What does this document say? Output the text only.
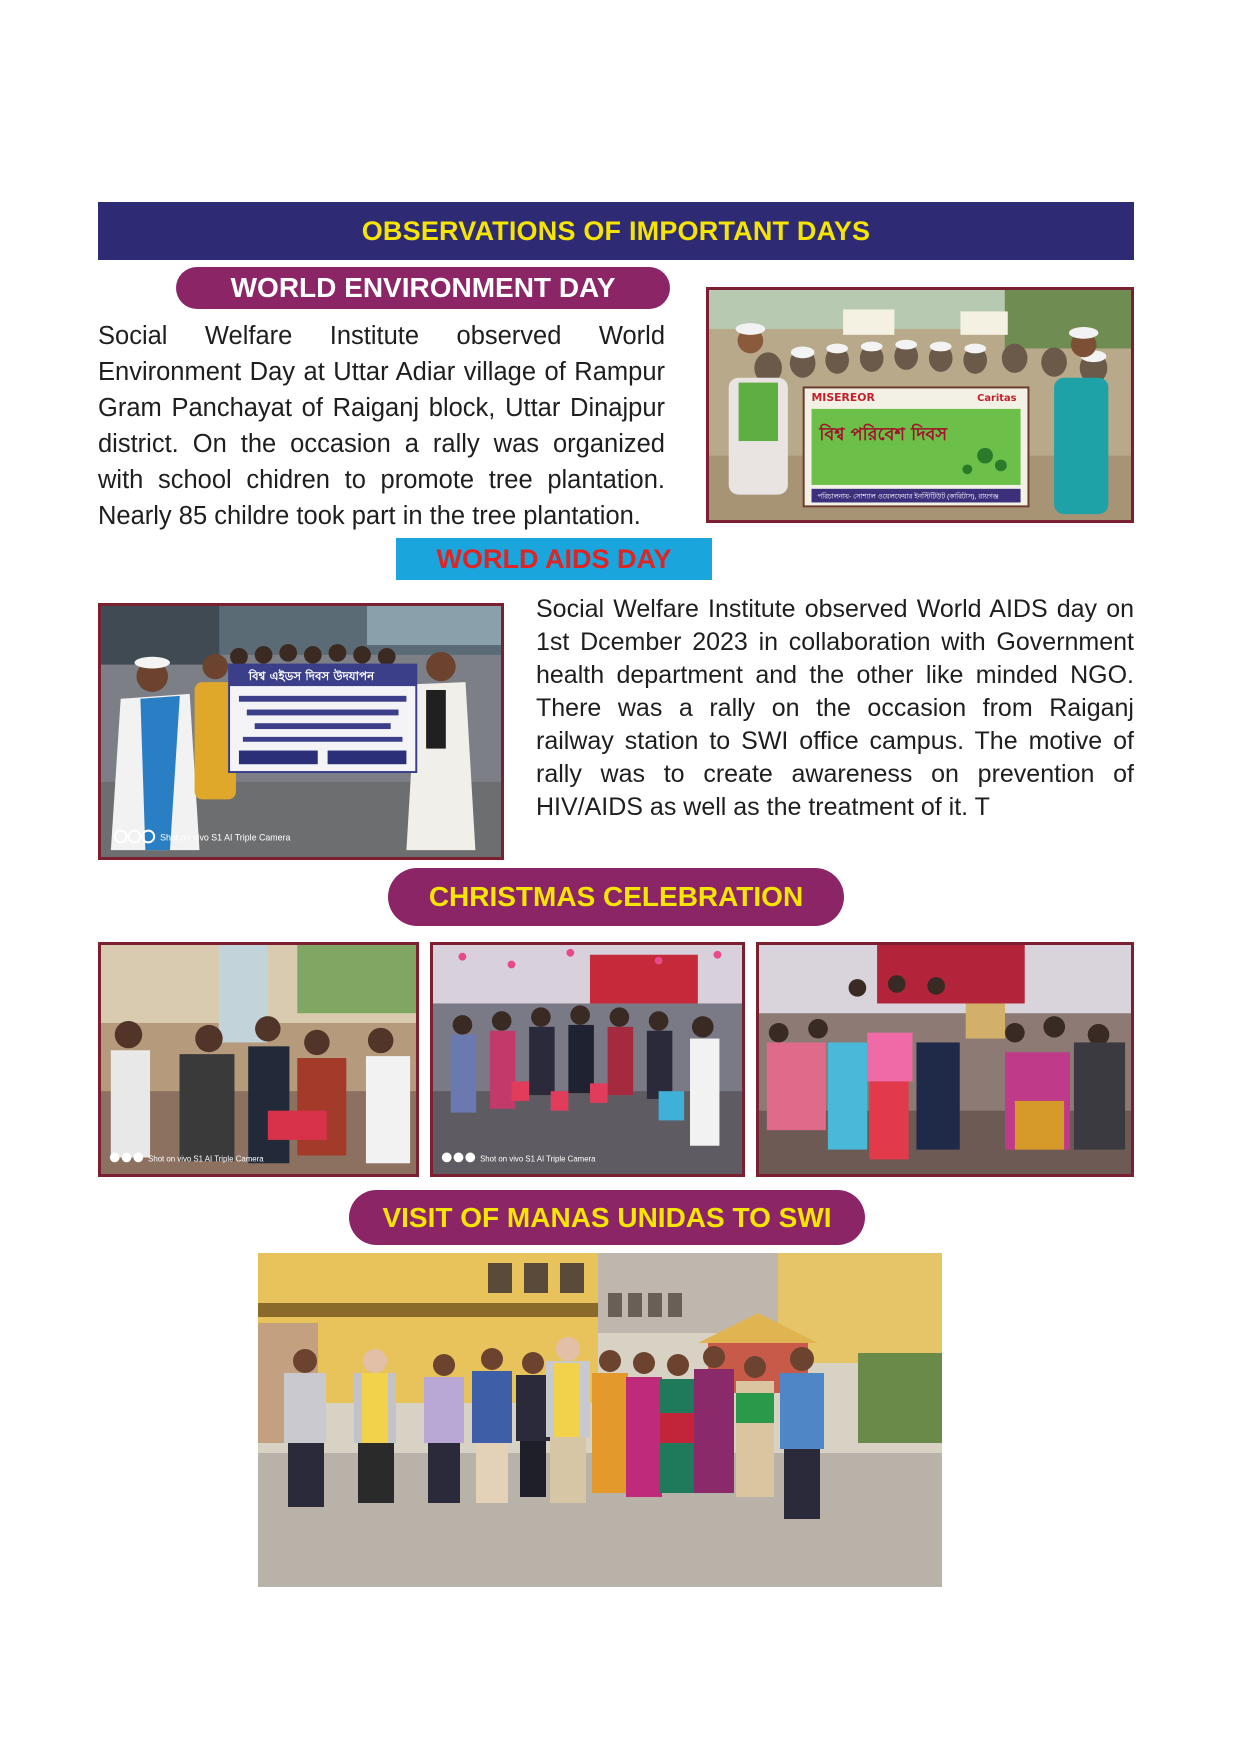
OBSERVATIONS OF IMPORTANT DAYS
WORLD ENVIRONMENT DAY
Social Welfare Institute observed World Environment Day at Uttar Adiar village of Rampur Gram Panchayat of Raiganj block, Uttar Dinajpur district. On the occasion a rally was organized with school chidren to promote tree plantation. Nearly 85 childre took part in the tree plantation.
MISEREOR	Caritas
বিশ্ব পরিবেশ দিবস
পরিচালনায়- সোশ্যাল ওয়েলফেয়ার ইনস্টিটিউট (কারিটাস), রায়গঞ্জ
WORLD AIDS DAY
বিশ্ব এইডস দিবস উদযাপন
Shot on vivo S1 AI Triple Camera
Social Welfare Institute observed World AIDS day on 1st Dcember 2023 in collaboration with Government health department and the other like minded NGO. There was a rally on the occasion from Raiganj railway station to SWI office campus. The motive of rally was to create awareness on prevention of HIV/AIDS as well as the treatment of it. T
CHRISTMAS CELEBRATION
Shot on vivo S1 AI Triple Camera	Shot on vivo S1 AI Triple Camera
VISIT OF MANAS UNIDAS TO SWI
